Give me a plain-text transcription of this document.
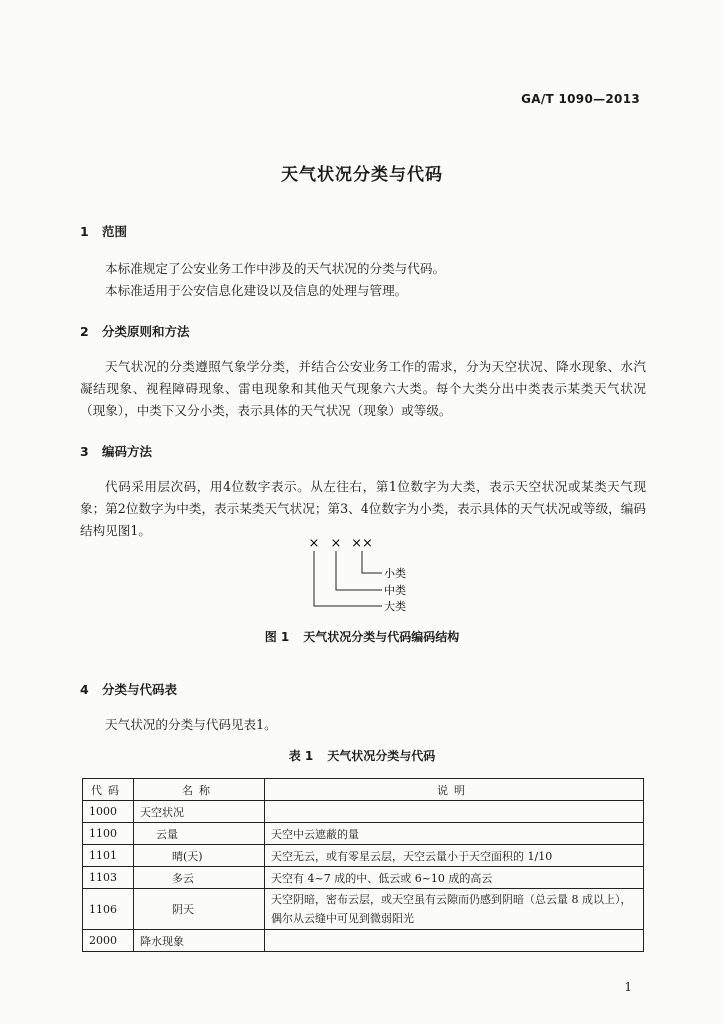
GA/T 1090—2013
天气状况分类与代码
1 范围
本标准规定了公安业务工作中涉及的天气状况的分类与代码。
本标准适用于公安信息化建设以及信息的处理与管理。
2 分类原则和方法
天气状况的分类遵照气象学分类，并结合公安业务工作的需求，分为天空状况、降水现象、水汽凝结现象、视程障碍现象、雷电现象和其他天气现象六大类。每个大类分出中类表示某类天气状况（现象），中类下又分小类，表示具体的天气状况（现象）或等级。
3 编码方法
代码采用层次码，用4位数字表示。从左往右，第1位数字为大类，表示天空状况或某类天气现象；第2位数字为中类，表示某类天气状况；第3、4位数字为小类，表示具体的天气状况或等级，编码结构见图1。
× × ××
小类
中类
大类
图 1 天气状况分类与代码编码结构
4 分类与代码表
天气状况的分类与代码见表1。
表 1 天气状况分类与代码
代码	名称	说明
1000	天空状况	
1100	云量	天空中云遮蔽的量
1101	晴(天)	天空无云，或有零星云层，天空云量小于天空面积的 1/10
1103	多云	天空有 4~7 成的中、低云或 6~10 成的高云
1106	阴天	天空阴暗，密布云层，或天空虽有云隙而仍感到阴暗（总云量 8 成以上），偶尔从云缝中可见到微弱阳光
2000	降水现象	
1
